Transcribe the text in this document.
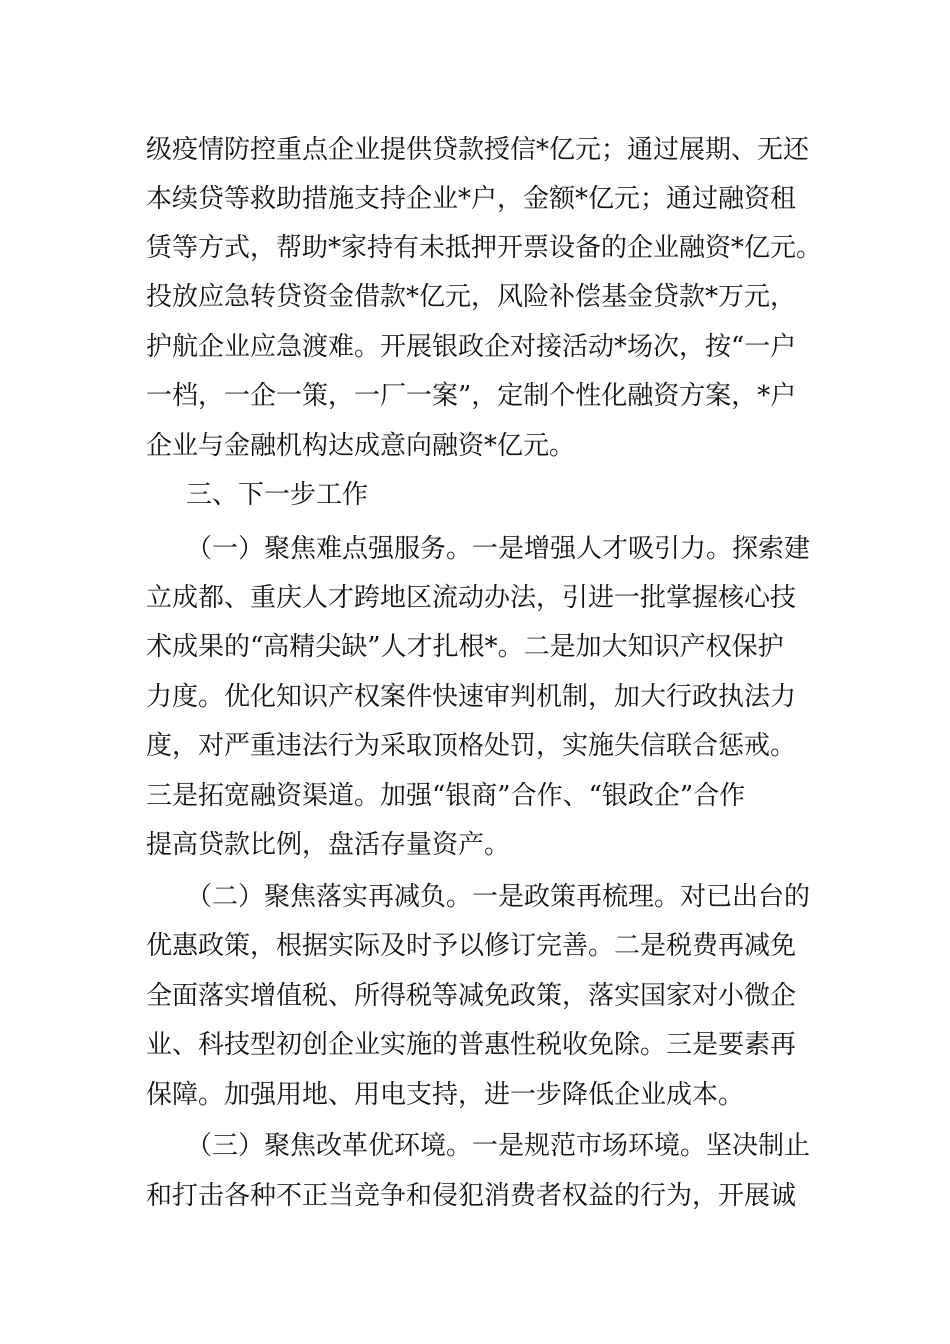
级疫情防控重点企业提供贷款授信*亿元；通过展期、无还

本续贷等救助措施支持企业*户，金额*亿元；通过融资租

赁等方式，帮助*家持有未抵押开票设备的企业融资*亿元。

投放应急转贷资金借款*亿元，风险补偿基金贷款*万元，

护航企业应急渡难。开展银政企对接活动*场次，按“一户

一档，一企一策，一厂一案”，定制个性化融资方案，*户

企业与金融机构达成意向融资*亿元。

三、下一步工作

（一）聚焦难点强服务。一是增强人才吸引力。探索建

立成都、重庆人才跨地区流动办法，引进一批掌握核心技

术成果的“高精尖缺”人才扎根*。二是加大知识产权保护

力度。优化知识产权案件快速审判机制，加大行政执法力

度，对严重违法行为采取顶格处罚，实施失信联合惩戒。

三是拓宽融资渠道。加强“银商”合作、“银政企”合作

提高贷款比例，盘活存量资产。

（二）聚焦落实再减负。一是政策再梳理。对已出台的

优惠政策，根据实际及时予以修订完善。二是税费再减免

全面落实增值税、所得税等减免政策，落实国家对小微企

业、科技型初创企业实施的普惠性税收免除。三是要素再

保障。加强用地、用电支持，进一步降低企业成本。

（三）聚焦改革优环境。一是规范市场环境。坚决制止

和打击各种不正当竞争和侵犯消费者权益的行为，开展诚
